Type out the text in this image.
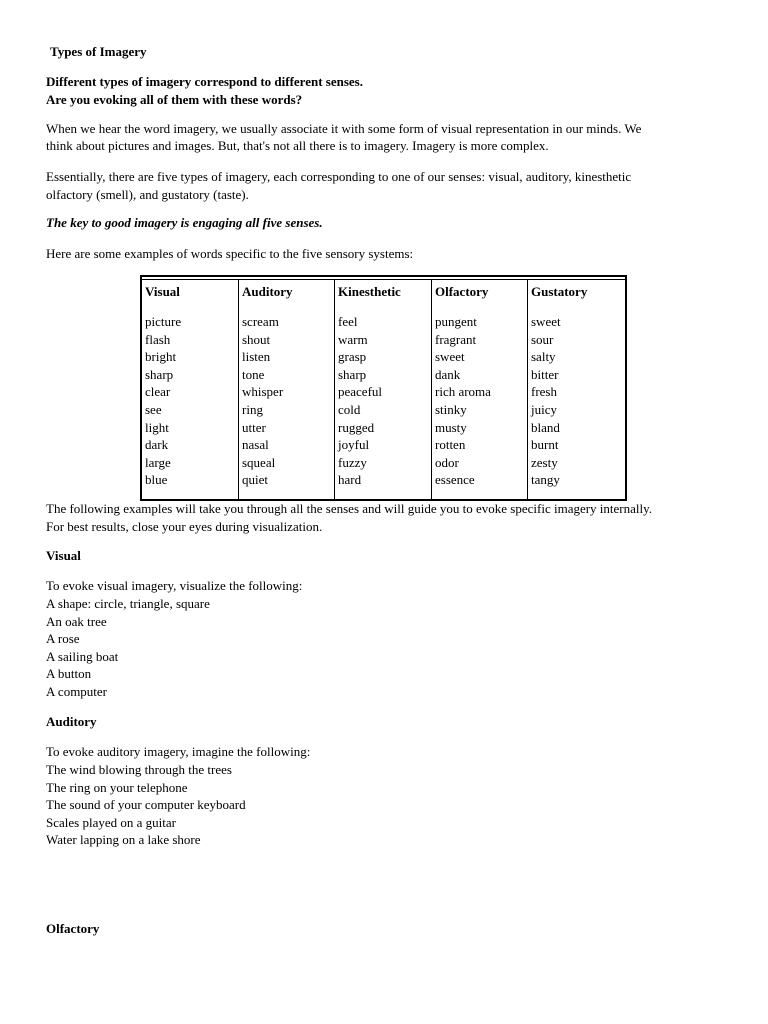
Types of Imagery

Different types of imagery correspond to different senses.

Are you evoking all of them with these words?

When we hear the word imagery, we usually associate it with some form of visual representation in our minds. We

think about pictures and images. But, that's not all there is to imagery. Imagery is more complex.

Essentially, there are five types of imagery, each corresponding to one of our senses: visual, auditory, kinesthetic

olfactory (smell), and gustatory (taste).

The key to good imagery is engaging all five senses.

Here are some examples of words specific to the five sensory systems:

Visual
picture
flash
bright
sharp
clear
see
light
dark
large
blue
Auditory
scream
shout
listen
tone
whisper
ring
utter
nasal
squeal
quiet
Kinesthetic
feel
warm
grasp
sharp
peaceful
cold
rugged
joyful
fuzzy
hard
Olfactory
pungent
fragrant
sweet
dank
rich aroma
stinky
musty
rotten
odor
essence
Gustatory
sweet
sour
salty
bitter
fresh
juicy
bland
burnt
zesty
tangy

The following examples will take you through all the senses and will guide you to evoke specific imagery internally.

For best results, close your eyes during visualization.

Visual

To evoke visual imagery, visualize the following:

A shape: circle, triangle, square
An oak tree
A rose
A sailing boat
A button
A computer

Auditory

To evoke auditory imagery, imagine the following:

The wind blowing through the trees
The ring on your telephone
The sound of your computer keyboard
Scales played on a guitar
Water lapping on a lake shore

Olfactory
